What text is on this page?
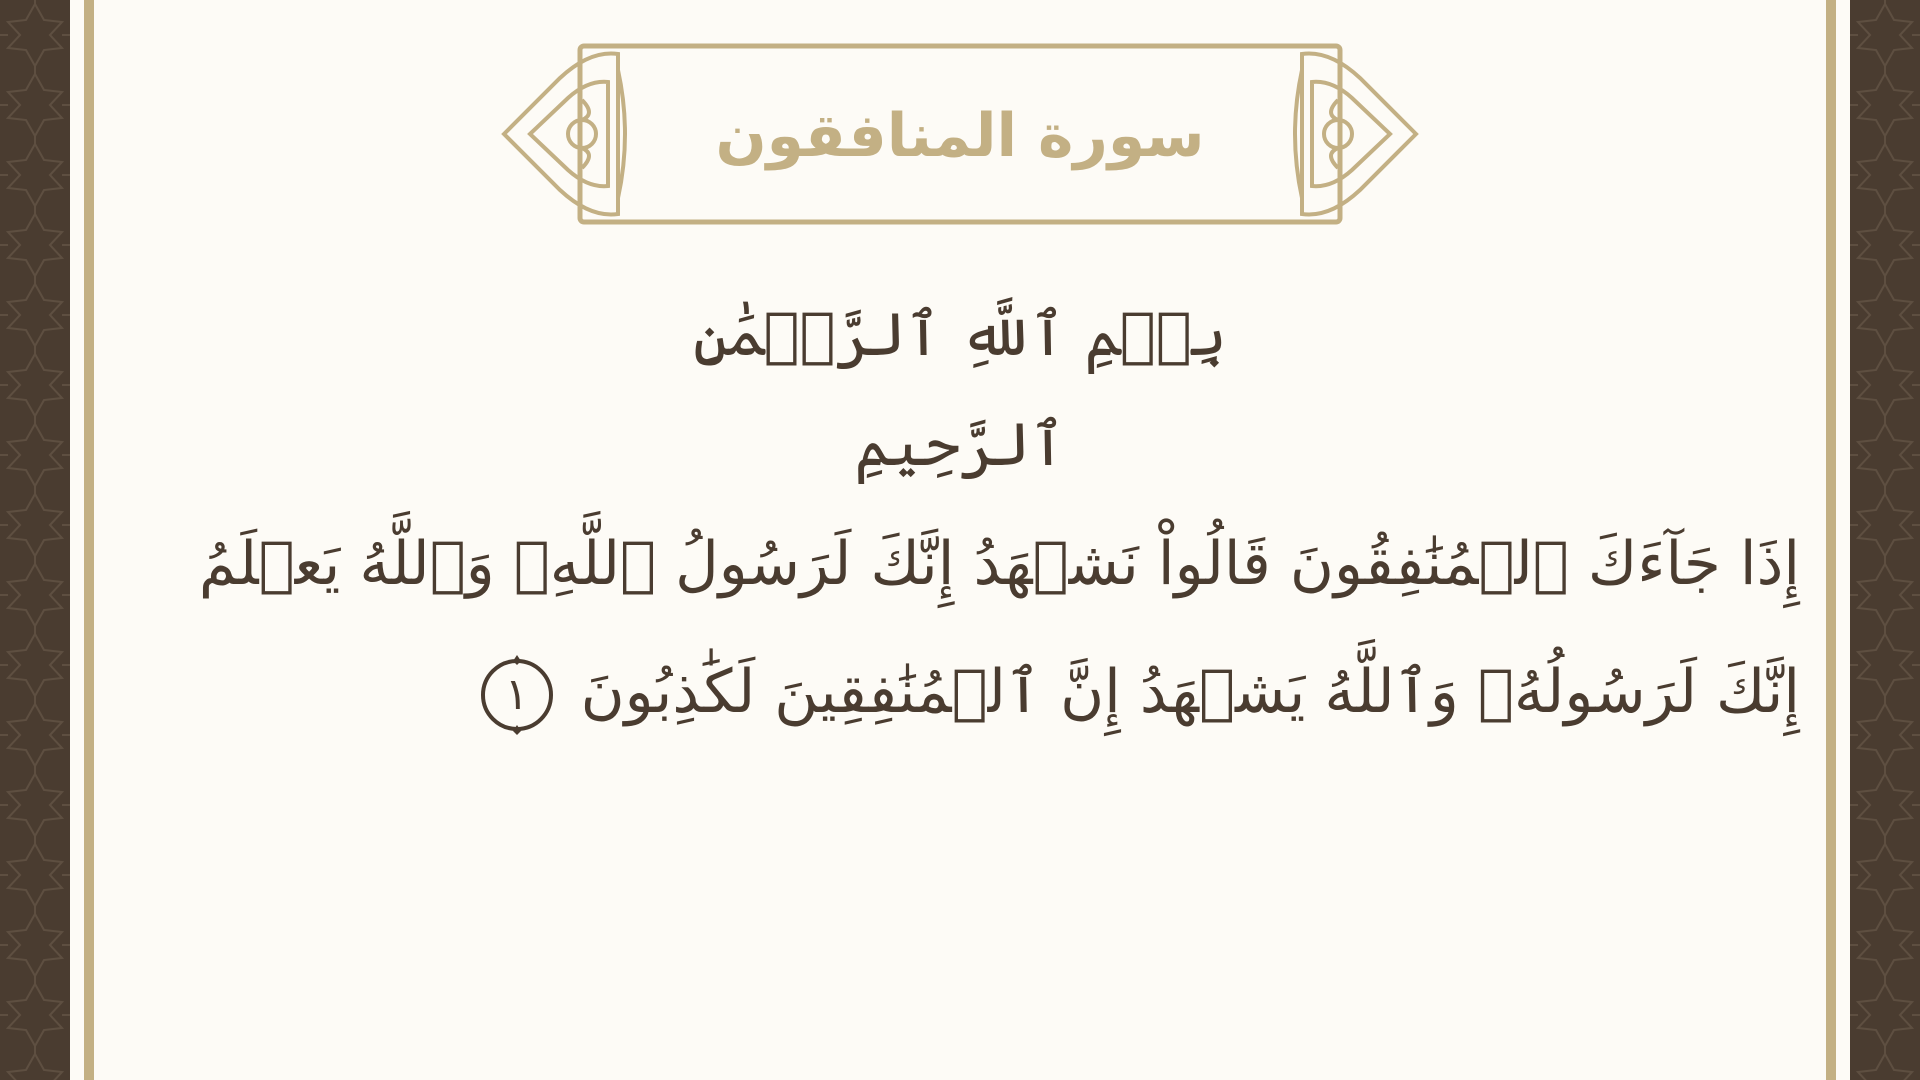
سورة المنافقون
بِسۡمِ ٱللَّهِ ٱلرَّحۡمَٰنِ ٱلرَّحِيمِ
إِذَا جَآءَكَ ٱلۡمُنَٰفِقُونَ قَالُواْ نَشۡهَدُ إِنَّكَ لَرَسُولُ ٱللَّهِۗ وَٱللَّهُ يَعۡلَمُ
إِنَّكَ لَرَسُولُهُۥ وَٱللَّهُ يَشۡهَدُ إِنَّ ٱلۡمُنَٰفِقِينَ لَكَٰذِبُونَ
١
